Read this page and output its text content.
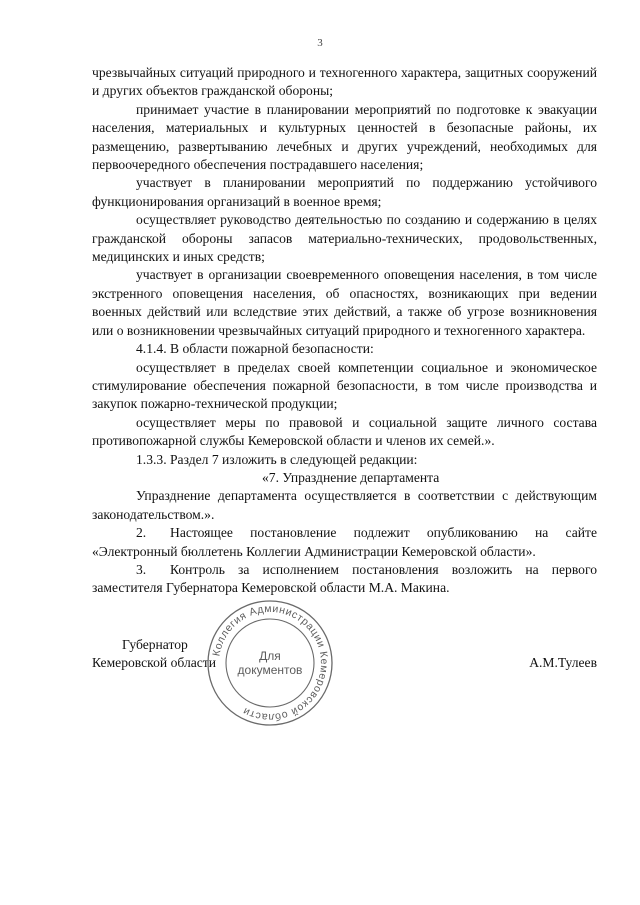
3

чрезвычайных ситуаций природного и техногенного характера, защитных сооружений и других объектов гражданской обороны;

принимает участие в планировании мероприятий по подготовке к эвакуации населения, материальных и культурных ценностей в безопасные районы, их размещению, развертыванию лечебных и других учреждений, необходимых для первоочередного обеспечения пострадавшего населения;

участвует в планировании мероприятий по поддержанию устойчивого функционирования организаций в военное время;

осуществляет руководство деятельностью по созданию и содержанию в целях гражданской обороны запасов материально-технических, продовольственных, медицинских и иных средств;

участвует в организации своевременного оповещения населения, в том числе экстренного оповещения населения, об опасностях, возникающих при ведении военных действий или вследствие этих действий, а также об угрозе возникновения или о возникновении чрезвычайных ситуаций природного и техногенного характера.

4.1.4. В области пожарной безопасности:

осуществляет в пределах своей компетенции социальное и экономическое стимулирование обеспечения пожарной безопасности, в том числе производства и закупок пожарно-технической продукции;

осуществляет меры по правовой и социальной защите личного состава противопожарной службы Кемеровской области и членов их семей.».

1.3.3. Раздел 7 изложить в следующей редакции:

«7. Упразднение департамента

Упразднение департамента осуществляется в соответствии с действующим законодательством.».

2. Настоящее постановление подлежит опубликованию на сайте «Электронный бюллетень Коллегии Администрации Кемеровской области».

3. Контроль за исполнением постановления возложить на первого заместителя Губернатора Кемеровской области М.А. Макина.

Губернатор
Кемеровской области	А.М.Тулеев
Коллегия Администрации Кемеровской области
Для
документов
